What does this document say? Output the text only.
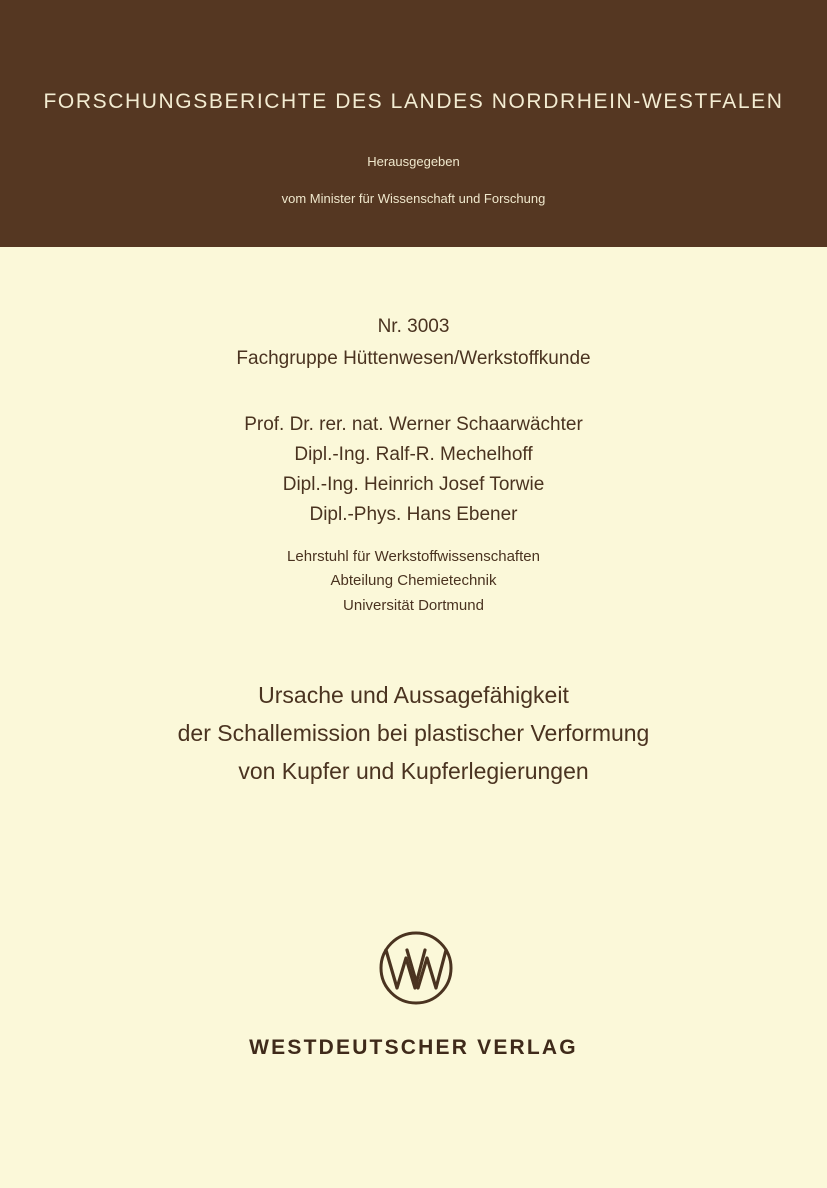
FORSCHUNGSBERICHTE DES LANDES NORDRHEIN-WESTFALEN
Herausgegeben
vom Minister für Wissenschaft und Forschung
Nr. 3003
Fachgruppe Hüttenwesen/Werkstoffkunde
Prof. Dr. rer. nat. Werner Schaarwächter
Dipl.-Ing. Ralf-R. Mechelhoff
Dipl.-Ing. Heinrich Josef Torwie
Dipl.-Phys. Hans Ebener
Lehrstuhl für Werkstoffwissenschaften
Abteilung Chemietechnik
Universität Dortmund
Ursache und Aussagefähigkeit
der Schallemission bei plastischer Verformung
von Kupfer und Kupferlegierungen
WESTDEUTSCHER VERLAG
